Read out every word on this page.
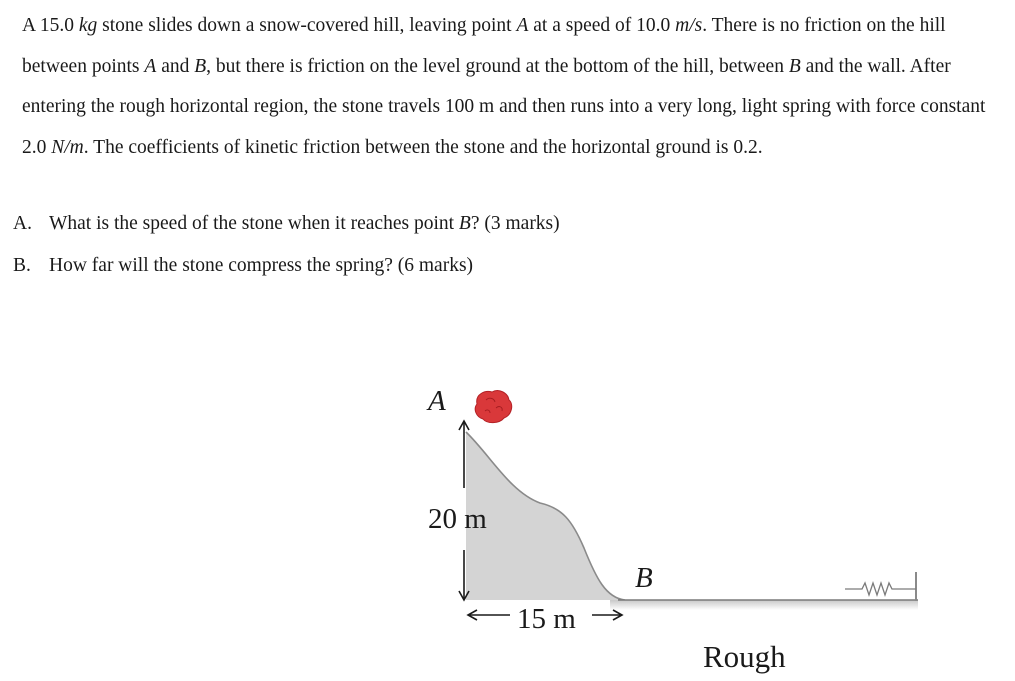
A 15.0 kg stone slides down a snow-covered hill, leaving point A at a speed of 10.0 m/s. There is no friction on the hill between points A and B, but there is friction on the level ground at the bottom of the hill, between B and the wall. After entering the rough horizontal region, the stone travels 100 m and then runs into a very long, light spring with force constant 2.0 N/m. The coefficients of kinetic friction between the stone and the horizontal ground is 0.2.
A. What is the speed of the stone when it reaches point B? (3 marks)
B. How far will the stone compress the spring? (6 marks)
A
20 m
B
15 m
Rough
